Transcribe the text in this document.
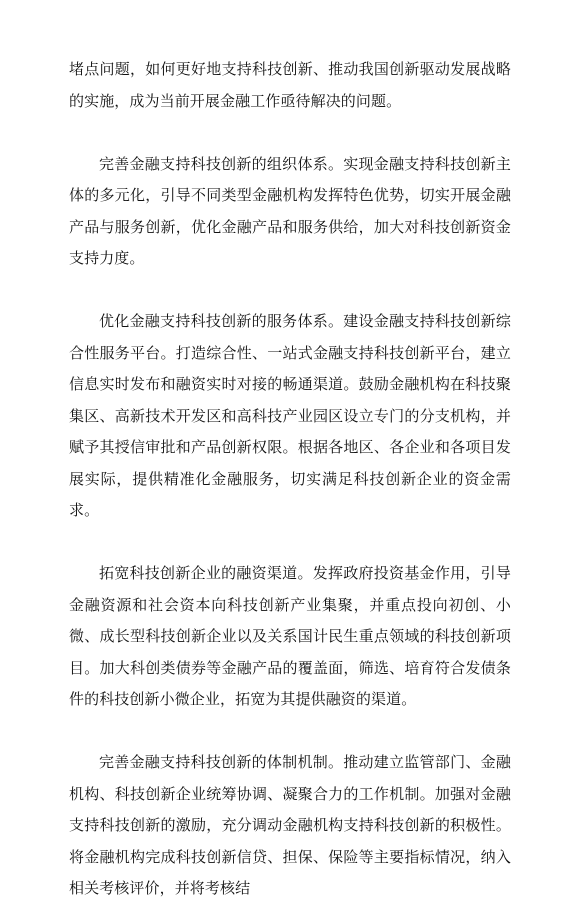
堵点问题，如何更好地支持科技创新、推动我国创新驱动发展战略的实施，成为当前开展金融工作亟待解决的问题。

完善金融支持科技创新的组织体系。实现金融支持科技创新主体的多元化，引导不同类型金融机构发挥特色优势，切实开展金融产品与服务创新，优化金融产品和服务供给，加大对科技创新资金支持力度。

优化金融支持科技创新的服务体系。建设金融支持科技创新综合性服务平台。打造综合性、一站式金融支持科技创新平台，建立信息实时发布和融资实时对接的畅通渠道。鼓励金融机构在科技聚集区、高新技术开发区和高科技产业园区设立专门的分支机构，并赋予其授信审批和产品创新权限。根据各地区、各企业和各项目发展实际，提供精准化金融服务，切实满足科技创新企业的资金需求。

拓宽科技创新企业的融资渠道。发挥政府投资基金作用，引导金融资源和社会资本向科技创新产业集聚，并重点投向初创、小微、成长型科技创新企业以及关系国计民生重点领域的科技创新项目。加大科创类债券等金融产品的覆盖面，筛选、培育符合发债条件的科技创新小微企业，拓宽为其提供融资的渠道。

完善金融支持科技创新的体制机制。推动建立监管部门、金融机构、科技创新企业统筹协调、凝聚合力的工作机制。加强对金融支持科技创新的激励，充分调动金融机构支持科技创新的积极性。将金融机构完成科技创新信贷、担保、保险等主要指标情况，纳入相关考核评价，并将考核结
